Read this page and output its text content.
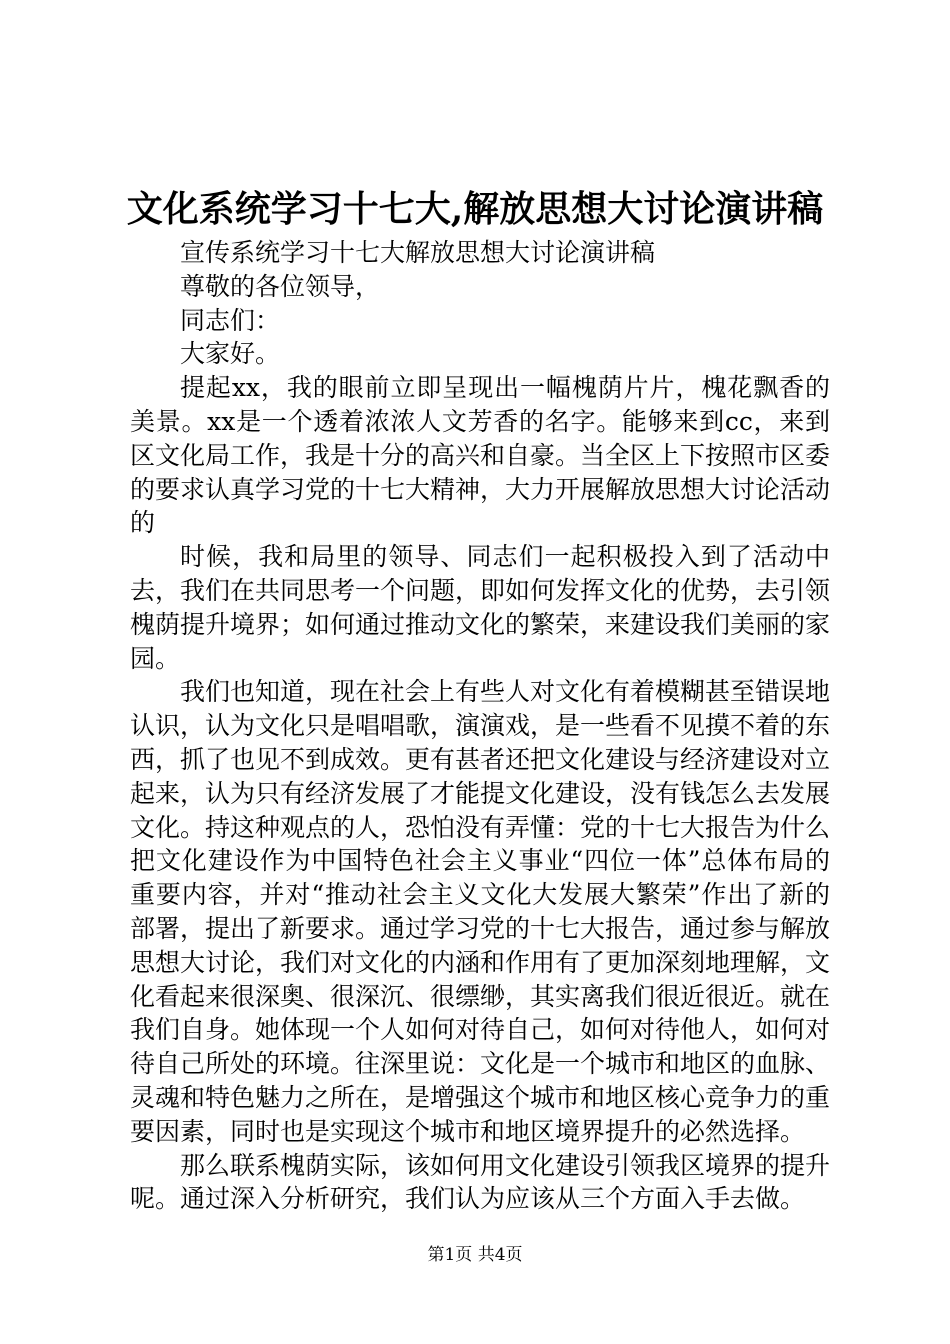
文化系统学习十七大,解放思想大讨论演讲稿

宣传系统学习十七大解放思想大讨论演讲稿

尊敬的各位领导，

同志们：

大家好。

提起xx，我的眼前立即呈现出一幅槐荫片片，槐花飘香的美景。xx是一个透着浓浓人文芳香的名字。能够来到cc，来到区文化局工作，我是十分的高兴和自豪。当全区上下按照市区委的要求认真学习党的十七大精神，大力开展解放思想大讨论活动的

时候，我和局里的领导、同志们一起积极投入到了活动中去，我们在共同思考一个问题，即如何发挥文化的优势，去引领槐荫提升境界；如何通过推动文化的繁荣，来建设我们美丽的家园。

我们也知道，现在社会上有些人对文化有着模糊甚至错误地认识，认为文化只是唱唱歌，演演戏，是一些看不见摸不着的东西，抓了也见不到成效。更有甚者还把文化建设与经济建设对立起来，认为只有经济发展了才能提文化建设，没有钱怎么去发展文化。持这种观点的人，恐怕没有弄懂：党的十七大报告为什么把文化建设作为中国特色社会主义事业“四位一体”总体布局的重要内容，并对“推动社会主义文化大发展大繁荣”作出了新的部署，提出了新要求。通过学习党的十七大报告，通过参与解放思想大讨论，我们对文化的内涵和作用有了更加深刻地理解，文化看起来很深奥、很深沉、很缥缈，其实离我们很近很近。就在我们自身。她体现一个人如何对待自己，如何对待他人，如何对待自己所处的环境。往深里说：文化是一个城市和地区的血脉、灵魂和特色魅力之所在，是增强这个城市和地区核心竞争力的重要因素，同时也是实现这个城市和地区境界提升的必然选择。

那么联系槐荫实际，该如何用文化建设引领我区境界的提升呢。通过深入分析研究，我们认为应该从三个方面入手去做。

第1页 共4页
